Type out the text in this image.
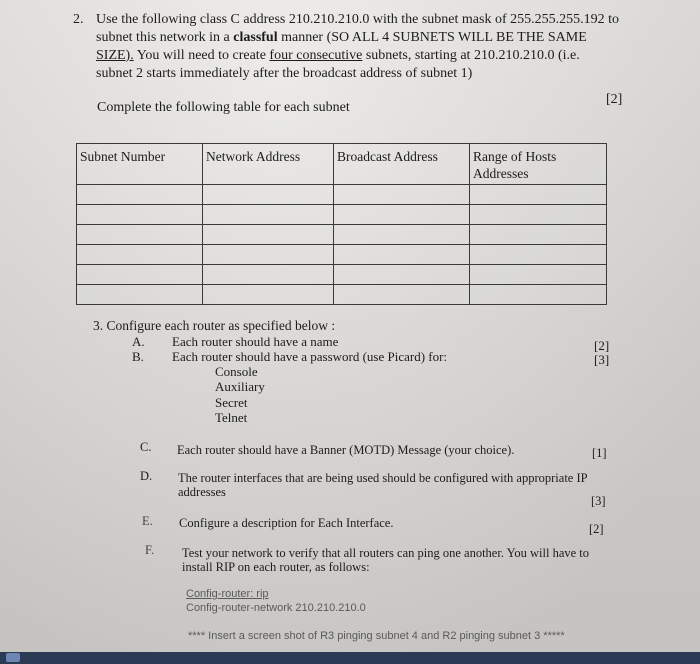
2. Use the following class C address 210.210.210.0 with the subnet mask of 255.255.255.192 to
subnet this network in a classful manner (SO ALL 4 SUBNETS WILL BE THE SAME
SIZE). You will need to create four consecutive subnets, starting at 210.210.210.0 (i.e.
subnet 2 starts immediately after the broadcast address of subnet 1)
Complete the following table for each subnet
[2]
Subnet Number	Network Address	Broadcast Address	Range of Hosts Addresses

3. Configure each router as specified below :
A. Each router should have a name	[2]
B. Each router should have a password (use Picard) for:	[3]
Console
Auxiliary
Secret
Telnet
C. Each router should have a Banner (MOTD) Message (your choice).	[1]
D. The router interfaces that are being used should be configured with appropriate IP
addresses
[3]
E. Configure a description for Each Interface.	[2]
F. Test your network to verify that all routers can ping one another. You will have to
install RIP on each router, as follows:
Config-router: rip
Config-router-network 210.210.210.0
**** Insert a screen shot of R3 pinging subnet 4 and R2 pinging subnet 3 *****
